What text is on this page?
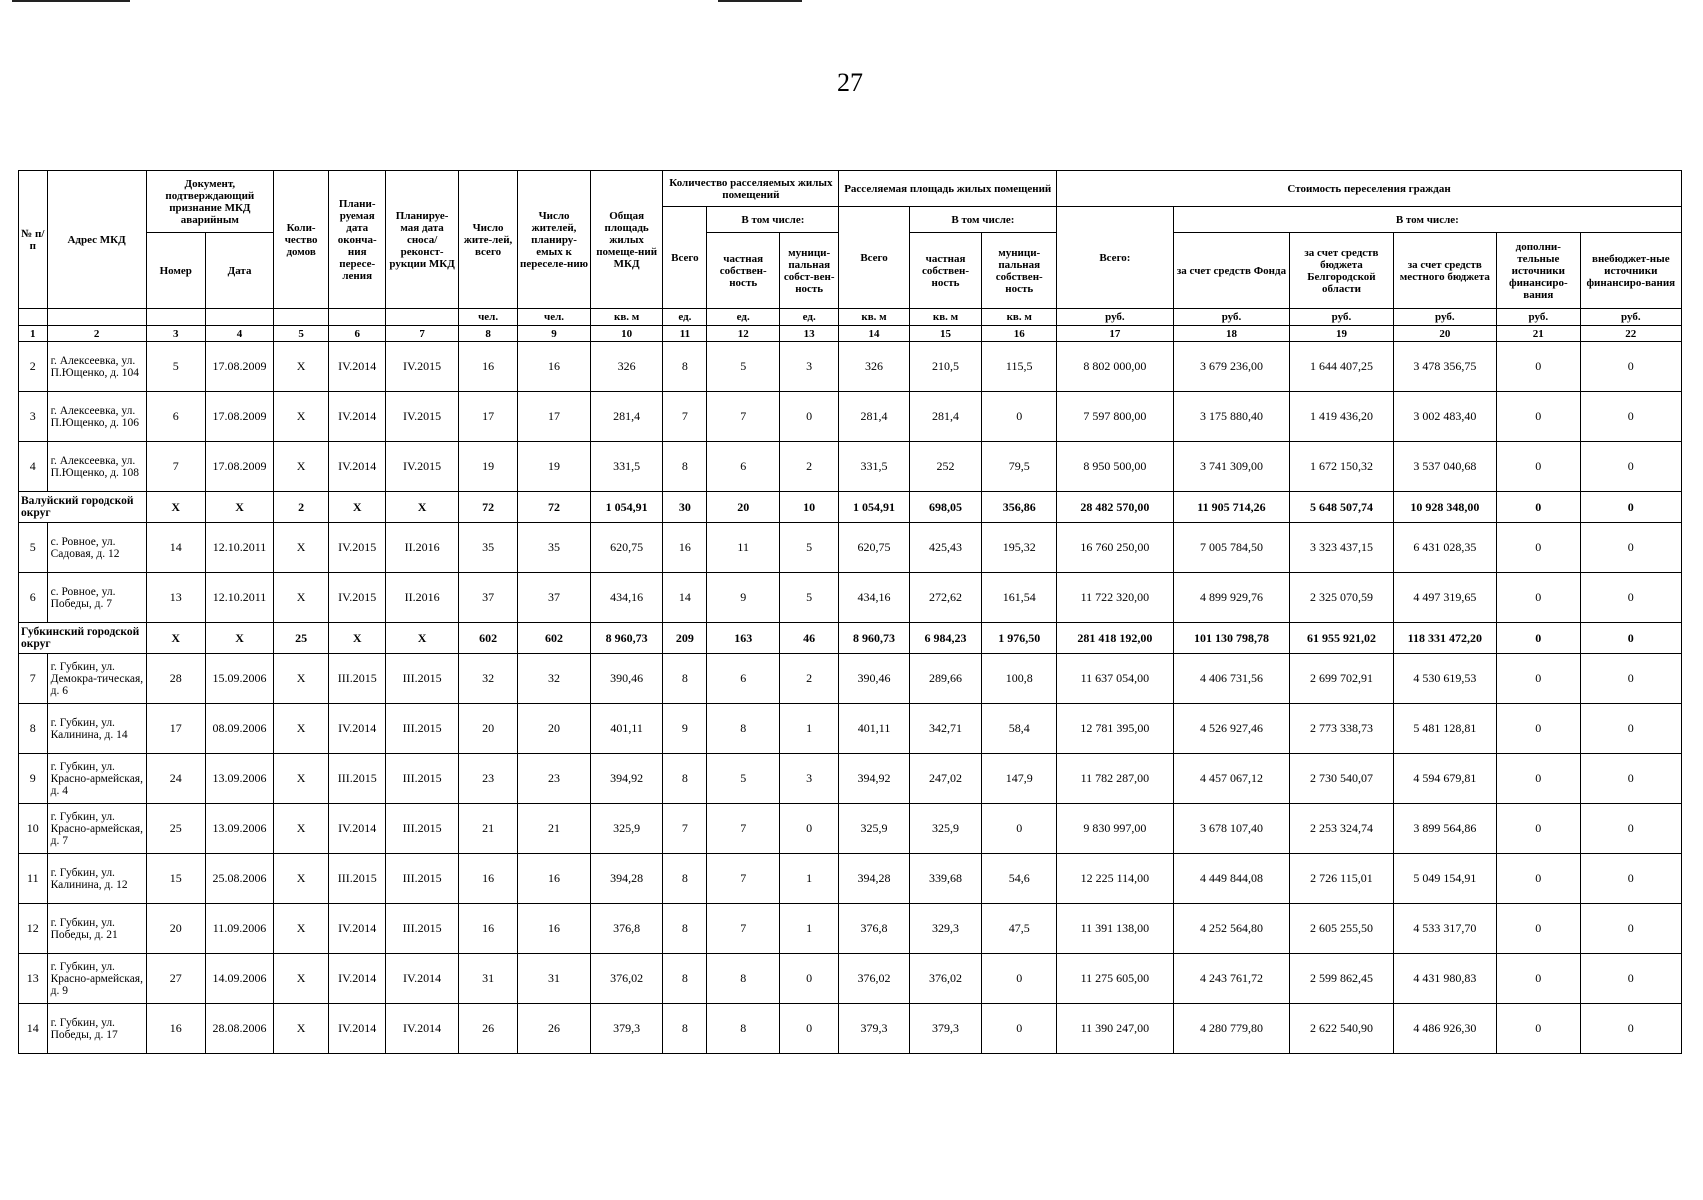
27
№ п/п	Адрес МКД	Документ, подтверждающий признание МКД аварийным		Коли-чество домов	Плани-руемая дата оконча-ния пересе-ления	Планируе-мая дата сноса/ реконст-рукции МКД	Число жите-лей, всего	Число жителей, планиру-емых к переселе-нию	Общая площадь жилых помеще-ний МКД	Количество расселяемых жилых помещений			Расселяемая площадь жилых помещений			Стоимость переселения граждан					
										Всего	В том числе:		Всего	В том числе:		Всего:	В том числе:				
		Номер	Дата								частная собствен-ность	муници-пальная собст-вен-ность		частная собствен-ность	муници-пальная собствен-ность		за счет средств Фонда	за счет средств бюджета Белгородской области	за счет средств местного бюджета	дополни-тельные источники финансиро-вания	внебюджет-ные источники финансиро-вания
							чел.	чел.	кв. м	ед.	ед.	ед.	кв. м	кв. м	кв. м	руб.	руб.	руб.	руб.	руб.	руб.
1	2	3	4	5	6	7	8	9	10	11	12	13	14	15	16	17	18	19	20	21	22
2	г. Алексеевка, ул. П.Ющенко, д. 104	5	17.08.2009	X	IV.2014	IV.2015	16	16	326	8	5	3	326	210,5	115,5	8 802 000,00	3 679 236,00	1 644 407,25	3 478 356,75	0	0
3	г. Алексеевка, ул. П.Ющенко, д. 106	6	17.08.2009	X	IV.2014	IV.2015	17	17	281,4	7	7	0	281,4	281,4	0	7 597 800,00	3 175 880,40	1 419 436,20	3 002 483,40	0	0
4	г. Алексеевка, ул. П.Ющенко, д. 108	7	17.08.2009	X	IV.2014	IV.2015	19	19	331,5	8	6	2	331,5	252	79,5	8 950 500,00	3 741 309,00	1 672 150,32	3 537 040,68	0	0
Валуйский городской округ		X	X	2	X	X	72	72	1 054,91	30	20	10	1 054,91	698,05	356,86	28 482 570,00	11 905 714,26	5 648 507,74	10 928 348,00	0	0
5	с. Ровное, ул. Садовая, д. 12	14	12.10.2011	X	IV.2015	II.2016	35	35	620,75	16	11	5	620,75	425,43	195,32	16 760 250,00	7 005 784,50	3 323 437,15	6 431 028,35	0	0
6	с. Ровное, ул. Победы, д. 7	13	12.10.2011	X	IV.2015	II.2016	37	37	434,16	14	9	5	434,16	272,62	161,54	11 722 320,00	4 899 929,76	2 325 070,59	4 497 319,65	0	0
Губкинский городской округ		X	X	25	X	X	602	602	8 960,73	209	163	46	8 960,73	6 984,23	1 976,50	281 418 192,00	101 130 798,78	61 955 921,02	118 331 472,20	0	0
7	г. Губкин, ул. Демокра-тическая, д. 6	28	15.09.2006	X	III.2015	III.2015	32	32	390,46	8	6	2	390,46	289,66	100,8	11 637 054,00	4 406 731,56	2 699 702,91	4 530 619,53	0	0
8	г. Губкин, ул. Калинина, д. 14	17	08.09.2006	X	IV.2014	III.2015	20	20	401,11	9	8	1	401,11	342,71	58,4	12 781 395,00	4 526 927,46	2 773 338,73	5 481 128,81	0	0
9	г. Губкин, ул. Красно-армейская, д. 4	24	13.09.2006	X	III.2015	III.2015	23	23	394,92	8	5	3	394,92	247,02	147,9	11 782 287,00	4 457 067,12	2 730 540,07	4 594 679,81	0	0
10	г. Губкин, ул. Красно-армейская, д. 7	25	13.09.2006	X	IV.2014	III.2015	21	21	325,9	7	7	0	325,9	325,9	0	9 830 997,00	3 678 107,40	2 253 324,74	3 899 564,86	0	0
11	г. Губкин, ул. Калинина, д. 12	15	25.08.2006	X	III.2015	III.2015	16	16	394,28	8	7	1	394,28	339,68	54,6	12 225 114,00	4 449 844,08	2 726 115,01	5 049 154,91	0	0
12	г. Губкин, ул. Победы, д. 21	20	11.09.2006	X	IV.2014	III.2015	16	16	376,8	8	7	1	376,8	329,3	47,5	11 391 138,00	4 252 564,80	2 605 255,50	4 533 317,70	0	0
13	г. Губкин, ул. Красно-армейская, д. 9	27	14.09.2006	X	IV.2014	IV.2014	31	31	376,02	8	8	0	376,02	376,02	0	11 275 605,00	4 243 761,72	2 599 862,45	4 431 980,83	0	0
14	г. Губкин, ул. Победы, д. 17	16	28.08.2006	X	IV.2014	IV.2014	26	26	379,3	8	8	0	379,3	379,3	0	11 390 247,00	4 280 779,80	2 622 540,90	4 486 926,30	0	0
